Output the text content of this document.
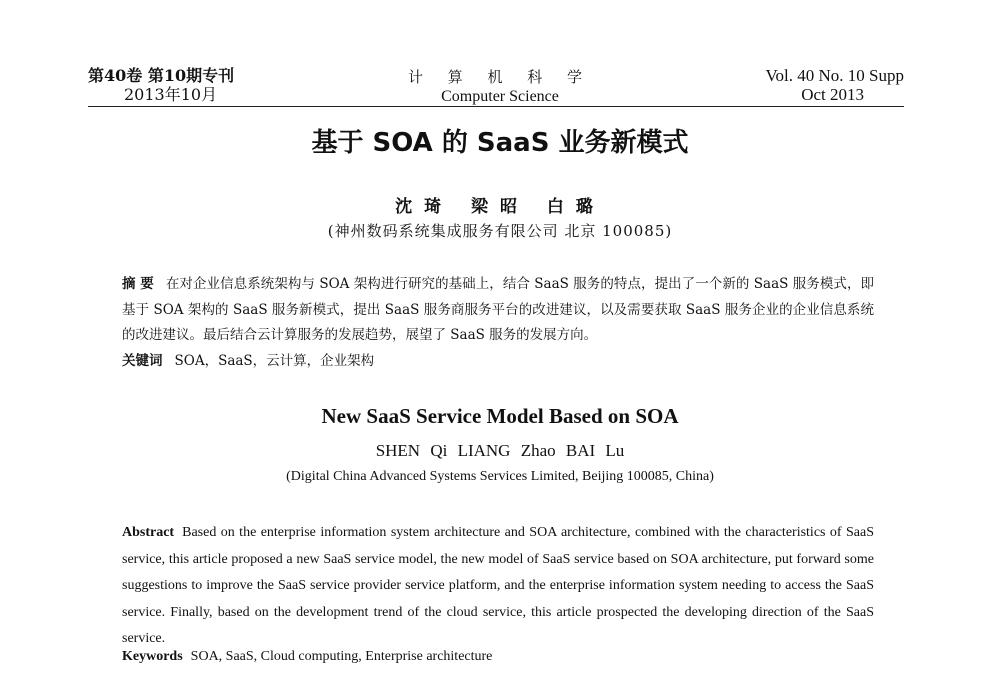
第40卷 第10期专刊
2013年10月
计 算 机 科 学
Computer Science
Vol. 40 No. 10 Supp
Oct 2013
基于 SOA 的 SaaS 业务新模式
沈琦 梁昭 白璐
(神州数码系统集成服务有限公司 北京 100085)
摘 要 在对企业信息系统架构与 SOA 架构进行研究的基础上，结合 SaaS 服务的特点，提出了一个新的 SaaS 服务模式，即基于 SOA 架构的 SaaS 服务新模式，提出 SaaS 服务商服务平台的改进建议，以及需要获取 SaaS 服务企业的企业信息系统的改进建议。最后结合云计算服务的发展趋势，展望了 SaaS 服务的发展方向。
关键词 SOA，SaaS，云计算，企业架构
New SaaS Service Model Based on SOA
SHEN Qi LIANG Zhao BAI Lu
(Digital China Advanced Systems Services Limited, Beijing 100085, China)
Abstract Based on the enterprise information system architecture and SOA architecture, combined with the characteristics of SaaS service, this article proposed a new SaaS service model, the new model of SaaS service based on SOA architecture, put forward some suggestions to improve the SaaS service provider service platform, and the enterprise information system needing to access the SaaS service. Finally, based on the development trend of the cloud service, this article prospected the developing direction of the SaaS service.
Keywords SOA, SaaS, Cloud computing, Enterprise architecture
